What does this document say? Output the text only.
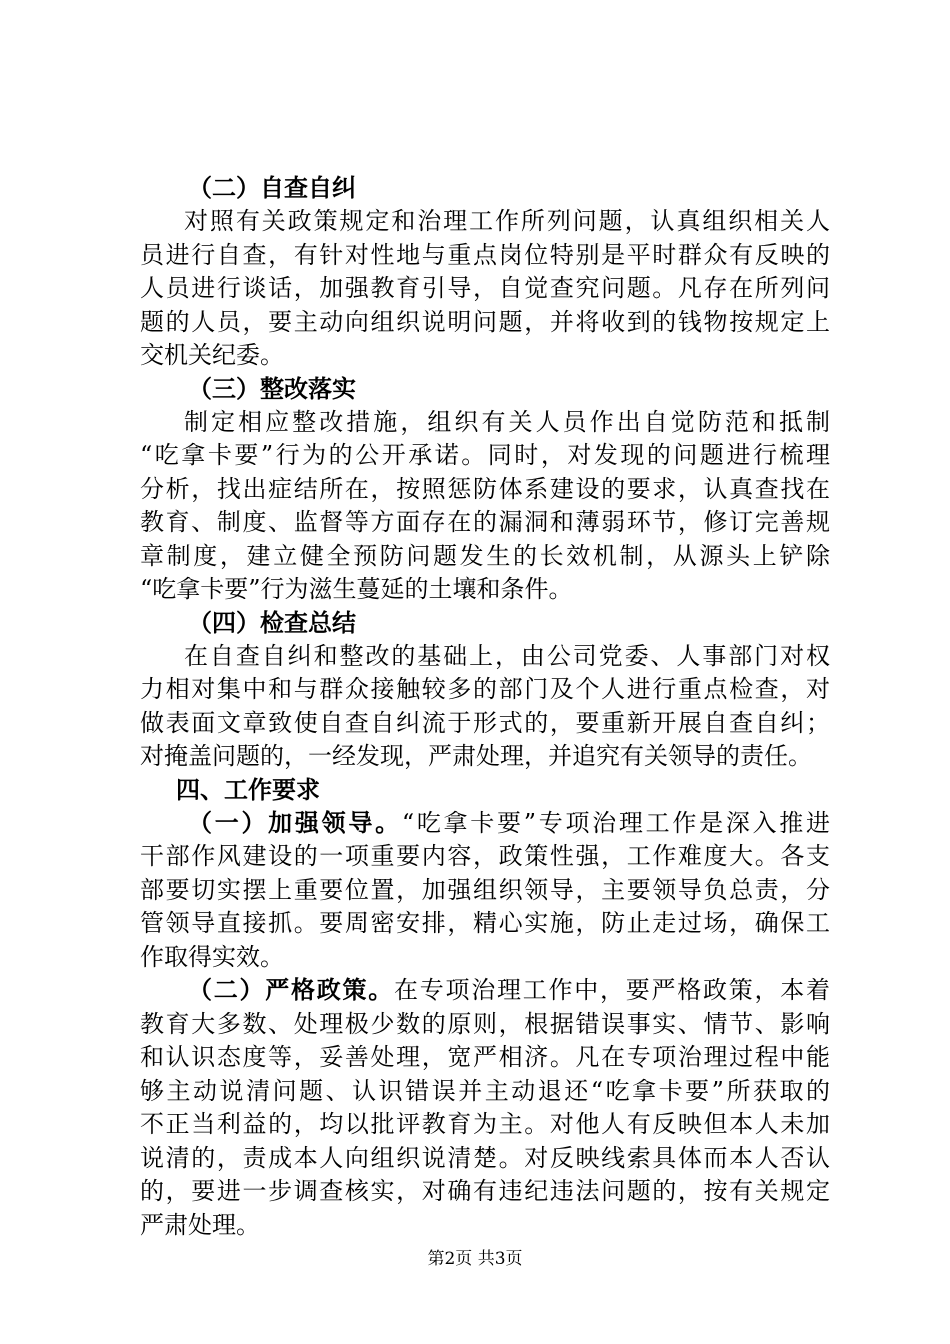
（二）自查自纠
对照有关政策规定和治理工作所列问题，认真组织相关人
员进行自查，有针对性地与重点岗位特别是平时群众有反映的
人员进行谈话，加强教育引导，自觉查究问题。凡存在所列问
题的人员，要主动向组织说明问题，并将收到的钱物按规定上
交机关纪委。
（三）整改落实
制定相应整改措施，组织有关人员作出自觉防范和抵制
“吃拿卡要”行为的公开承诺。同时，对发现的问题进行梳理
分析，找出症结所在，按照惩防体系建设的要求，认真查找在
教育、制度、监督等方面存在的漏洞和薄弱环节，修订完善规
章制度，建立健全预防问题发生的长效机制，从源头上铲除
“吃拿卡要”行为滋生蔓延的土壤和条件。
（四）检查总结
在自查自纠和整改的基础上，由公司党委、人事部门对权
力相对集中和与群众接触较多的部门及个人进行重点检查，对
做表面文章致使自查自纠流于形式的，要重新开展自查自纠；
对掩盖问题的，一经发现，严肃处理，并追究有关领导的责任。
四、工作要求
（一）加强领导。“吃拿卡要”专项治理工作是深入推进
干部作风建设的一项重要内容，政策性强，工作难度大。各支
部要切实摆上重要位置，加强组织领导，主要领导负总责，分
管领导直接抓。要周密安排，精心实施，防止走过场，确保工
作取得实效。
（二）严格政策。在专项治理工作中，要严格政策，本着
教育大多数、处理极少数的原则，根据错误事实、情节、影响
和认识态度等，妥善处理，宽严相济。凡在专项治理过程中能
够主动说清问题、认识错误并主动退还“吃拿卡要”所获取的
不正当利益的，均以批评教育为主。对他人有反映但本人未加
说清的，责成本人向组织说清楚。对反映线索具体而本人否认
的，要进一步调查核实，对确有违纪违法问题的，按有关规定
严肃处理。
第2页 共3页
